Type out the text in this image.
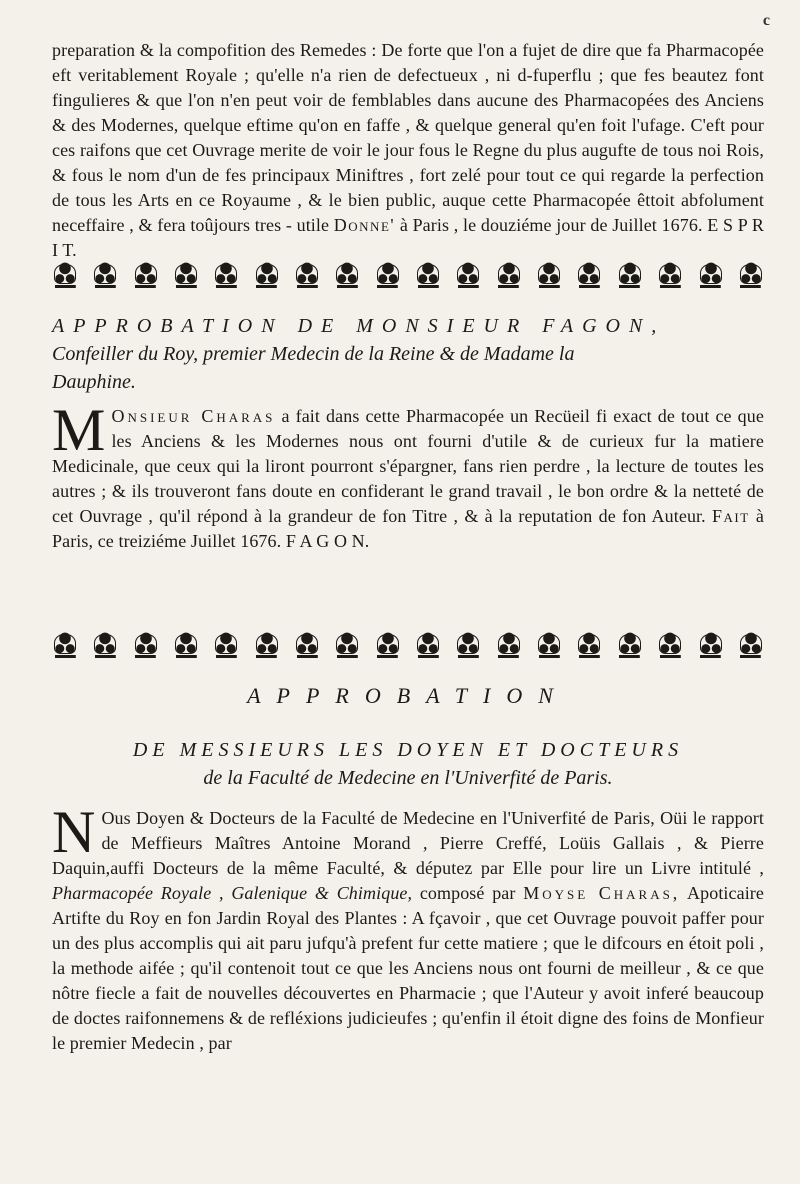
c

preparation & la compofition des Remedes : De forte que l'on a fujet de dire que fa Pharmacopée eft veritablement Royale ; qu'elle n'a rien de defectueux , ni d-fuperflu ; que fes beautez font fingulieres & que l'on n'en peut voir de femblables dans aucune des Pharmacopées des Anciens & des Modernes, quelque eftime qu'on en faffe , & quelque general qu'en foit l'ufage. C'eft pour ces raifons que cet Ouvrage merite de voir le jour fous le Regne du plus augufte de tous noi Rois, & fous le nom d'un de fes principaux Miniftres , fort zelé pour tout ce qui regarde la perfection de tous les Arts en ce Royaume , & le bien public, auque cette Pharmacopée êttoit abfolument neceffaire , & fera toûjours tres - utile Donne' à Paris , le douziéme jour de Juillet 1676. E S P R I T.

APPROBATION DE MONSIEUR FAGON,
Confeiller du Roy, premier Medecin de la Reine & de Madame la
Dauphine.

M Onsieur Charas a fait dans cette Pharmacopée un Recüeil fi exact de tout ce que les Anciens & les Modernes nous ont fourni d'utile & de curieux fur la matiere Medicinale, que ceux qui la liront pourront s'épargner, fans rien perdre , la lecture de toutes les autres ; & ils trouveront fans doute en confiderant le grand travail , le bon ordre & la netteté de cet Ouvrage , qu'il répond à la grandeur de fon Titre , & à la reputation de fon Auteur. Fait à Paris, ce treiziéme Juillet 1676. F A G O N.

APPROBATION
DE MESSIEURS LES DOYEN ET DOCTEURS
de la Faculté de Medecine en l'Univerfité de Paris.

N Ous Doyen & Docteurs de la Faculté de Medecine en l'Univerfité de Paris, Oüi le rapport de Meffieurs Maîtres Antoine Morand , Pierre Creffé, Loüis Gallais , & Pierre Daquin,auffi Docteurs de la même Faculté, & députez par Elle pour lire un Livre intitulé , Pharmacopée Royale , Galenique & Chimique, composé par Moyse Charas, Apoticaire Artifte du Roy en fon Jardin Royal des Plantes : A fçavoir , que cet Ouvrage pouvoit paffer pour un des plus accomplis qui ait paru jufqu'à prefent fur cette matiere ; que le difcours en étoit poli , la methode aifée ; qu'il contenoit tout ce que les Anciens nous ont fourni de meilleur , & ce que nôtre fiecle a fait de nouvelles découvertes en Pharmacie ; que l'Auteur y avoit inferé beaucoup de doctes raifonnemens & de refléxions judicieufes ; qu'enfin il étoit digne des foins de Monfieur le premier Medecin , par
